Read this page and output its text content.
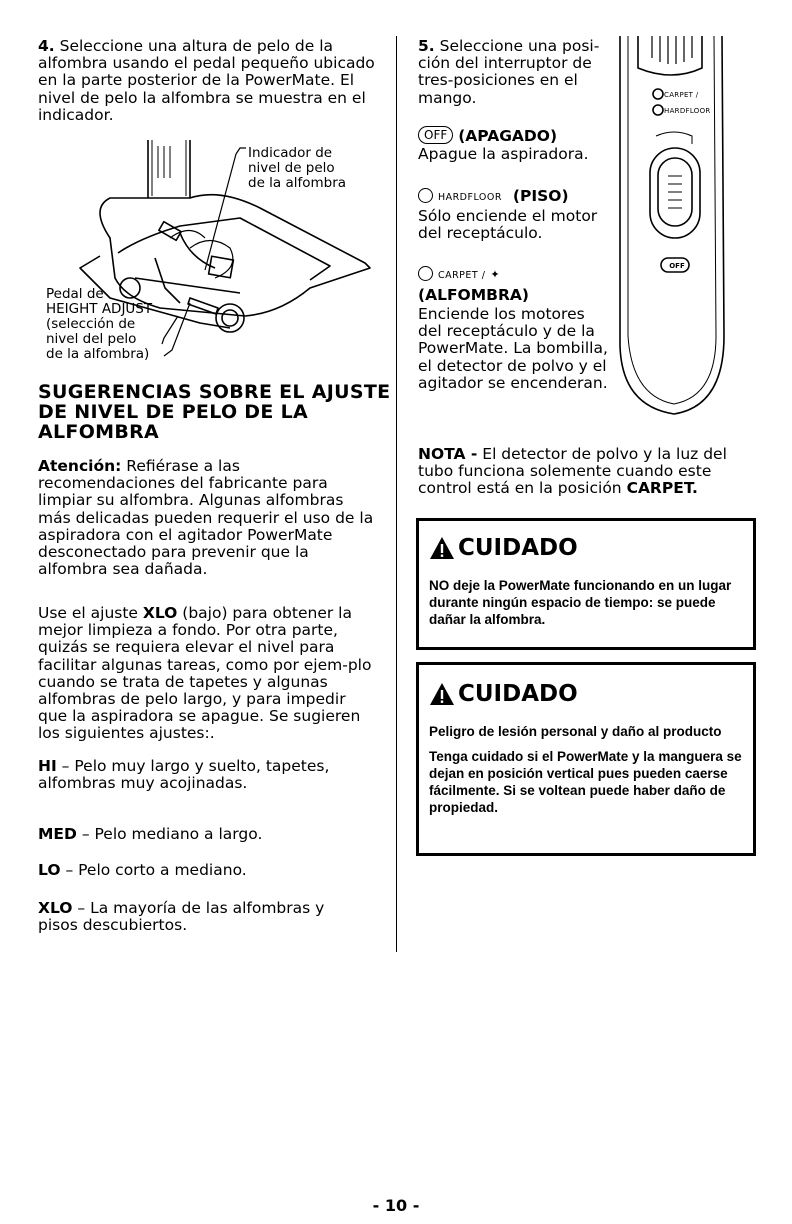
4. Seleccione una altura de pelo de la alfombra usando el pedal pequeño ubicado en la parte posterior de la PowerMate. El nivel de pelo la alfombra se muestra en el indicador.

Indicador de
nivel de pelo
de la alfombra
Pedal de
HEIGHT ADJUST
(selección de
nivel del pelo
de la alfombra)
SUGERENCIAS SOBRE EL AJUSTE
DE NIVEL DE PELO DE LA
ALFOMBRA

Atención: Refiérase a las recomendaciones del fabricante para limpiar su alfombra. Algunas alfombras más delicadas pueden requerir el uso de la aspiradora con el agitador PowerMate desconectado para prevenir que la alfombra sea dañada.

Use el ajuste XLO (bajo) para obtener la mejor limpieza a fondo. Por otra parte, quizás se requiera elevar el nivel para facilitar algunas tareas, como por ejem-plo cuando se trata de tapetes y algunas alfombras de pelo largo, y para impedir que la aspiradora se apague. Se sugieren los siguientes ajustes:.

HI – Pelo muy largo y suelto, tapetes, alfombras muy acojinadas.

MED – Pelo mediano a largo.

LO – Pelo corto a mediano.

XLO – La mayoría de las alfombras y pisos descubiertos.

5. Seleccione una posi-ción del interruptor de tres-posiciones en el mango.

OFF (APAGADO)
Apague la aspiradora.
HARDFLOOR (PISO)
Sólo enciende el motor del receptáculo.
CARPET / ✦
(ALFOMBRA)
Enciende los motores del receptáculo y de la PowerMate. La bombilla, el detector de polvo y el agitador se encenderan.
CARPET /
HARDFLOOR
OFF

NOTA - El detector de polvo y la luz del tubo funciona solemente cuando este control está en la posición CARPET.

CUIDADO
NO deje la PowerMate funcionando en un lugar durante ningún espacio de tiempo: se puede dañar la alfombra.
CUIDADO
Peligro de lesión personal y daño al producto
Tenga cuidado si el PowerMate y la manguera se dejan en posición vertical pues pueden caerse fácilmente. Si se voltean puede haber daño de propiedad.
- 10 -
